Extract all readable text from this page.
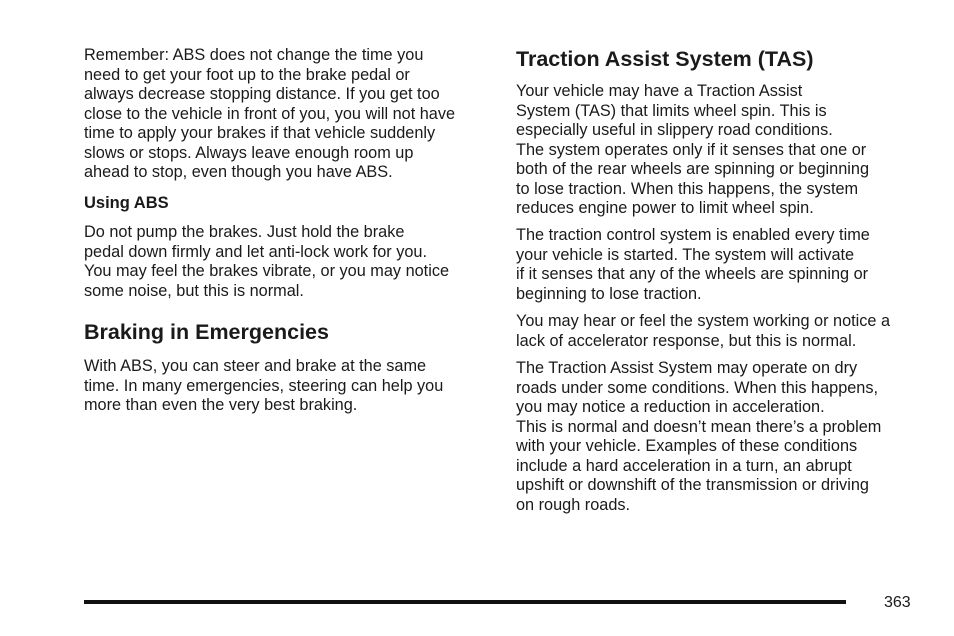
Remember: ABS does not change the time you
need to get your foot up to the brake pedal or
always decrease stopping distance. If you get too
close to the vehicle in front of you, you will not have
time to apply your brakes if that vehicle suddenly
slows or stops. Always leave enough room up
ahead to stop, even though you have ABS.

Using ABS

Do not pump the brakes. Just hold the brake
pedal down firmly and let anti-lock work for you.
You may feel the brakes vibrate, or you may notice
some noise, but this is normal.

Braking in Emergencies

With ABS, you can steer and brake at the same
time. In many emergencies, steering can help you
more than even the very best braking.

Traction Assist System (TAS)

Your vehicle may have a Traction Assist
System (TAS) that limits wheel spin. This is
especially useful in slippery road conditions.
The system operates only if it senses that one or
both of the rear wheels are spinning or beginning
to lose traction. When this happens, the system
reduces engine power to limit wheel spin.

The traction control system is enabled every time
your vehicle is started. The system will activate
if it senses that any of the wheels are spinning or
beginning to lose traction.

You may hear or feel the system working or notice a
lack of accelerator response, but this is normal.

The Traction Assist System may operate on dry
roads under some conditions. When this happens,
you may notice a reduction in acceleration.
This is normal and doesn’t mean there’s a problem
with your vehicle. Examples of these conditions
include a hard acceleration in a turn, an abrupt
upshift or downshift of the transmission or driving
on rough roads.

363
